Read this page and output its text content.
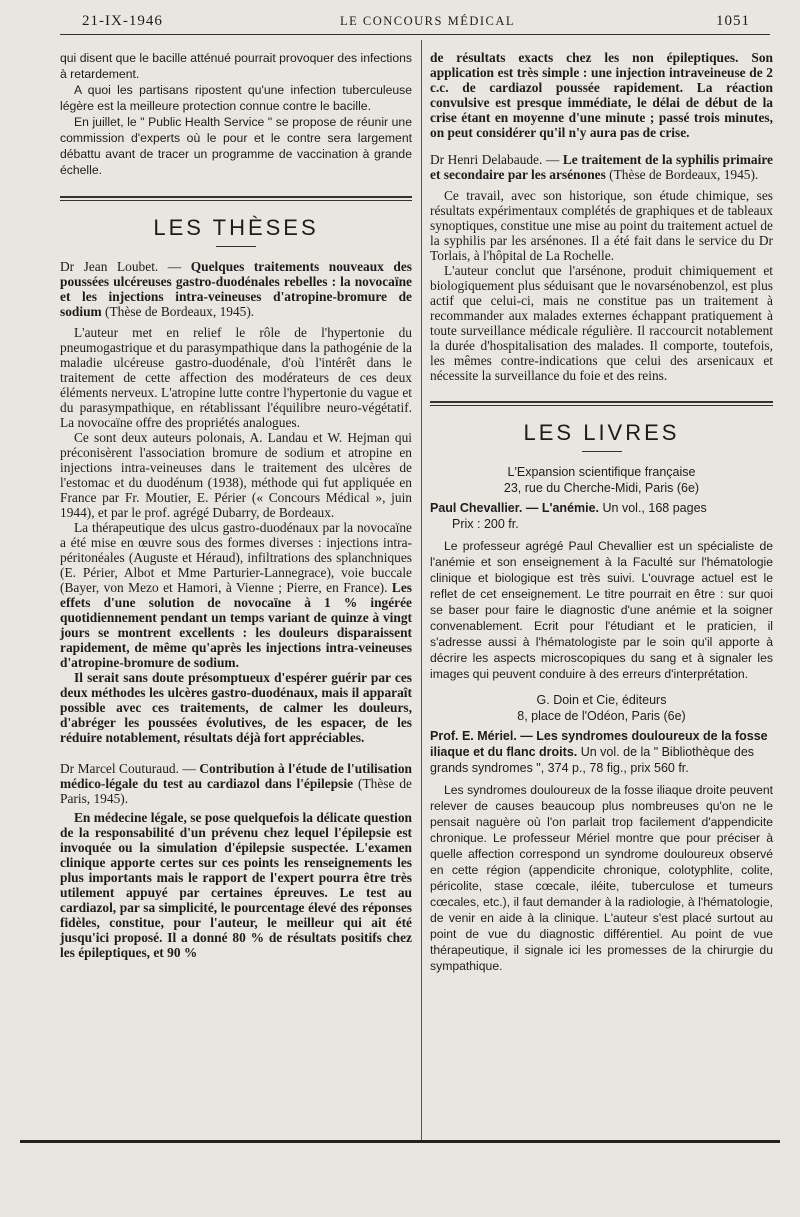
21-IX-1946	LE CONCOURS MÉDICAL	1051

qui disent que le bacille atténué pourrait provoquer des infections à retardement.

A quoi les partisans ripostent qu'une infection tuberculeuse légère est la meilleure protection connue contre le bacille.

En juillet, le " Public Health Service " se propose de réunir une commission d'experts où le pour et le contre sera largement débattu avant de tracer un programme de vaccination à grande échelle.

LES THÈSES

Dr Jean Loubet. — Quelques traitements nouveaux des poussées ulcéreuses gastro-duodénales rebelles : la novocaïne et les injections intra-veineuses d'atropine-bromure de sodium (Thèse de Bordeaux, 1945).

L'auteur met en relief le rôle de l'hypertonie du pneumogastrique et du parasympathique dans la pathogénie de la maladie ulcéreuse gastro-duodénale, d'où l'intérêt dans le traitement de cette affection des modérateurs de ces deux éléments nerveux. L'atropine lutte contre l'hypertonie du vague et du parasympathique, en rétablissant l'équilibre neuro-végétatif. La novocaïne offre des propriétés analogues.

Ce sont deux auteurs polonais, A. Landau et W. Hejman qui préconisèrent l'association bromure de sodium et atropine en injections intra-veineuses dans le traitement des ulcères de l'estomac et du duodénum (1938), méthode qui fut appliquée en France par Fr. Moutier, E. Périer (« Concours Médical », juin 1944), et par le prof. agrégé Dubarry, de Bordeaux.

La thérapeutique des ulcus gastro-duodénaux par la novocaïne a été mise en œuvre sous des formes diverses : injections intra-péritonéales (Auguste et Héraud), infiltrations des splanchniques (E. Périer, Albot et Mme Parturier-Lannegrace), voie buccale (Bayer, von Mezo et Hamori, à Vienne ; Pierre, en France). Les effets d'une solution de novocaïne à 1 % ingérée quotidiennement pendant un temps variant de quinze à vingt jours se montrent excellents : les douleurs disparaissent rapidement, de même qu'après les injections intra-veineuses d'atropine-bromure de sodium.

Il serait sans doute présomptueux d'espérer guérir par ces deux méthodes les ulcères gastro-duodénaux, mais il apparaît possible avec ces traitements, de calmer les douleurs, d'abréger les poussées évolutives, de les espacer, de les réduire notablement, résultats déjà fort appréciables.

Dr Marcel Couturaud. — Contribution à l'étude de l'utilisation médico-légale du test au cardiazol dans l'épilepsie (Thèse de Paris, 1945).

En médecine légale, se pose quelquefois la délicate question de la responsabilité d'un prévenu chez lequel l'épilepsie est invoquée ou la simulation d'épilepsie suspectée. L'examen clinique apporte certes sur ces points les renseignements les plus importants mais le rapport de l'expert pourra être très utilement appuyé par certaines épreuves. Le test au cardiazol, par sa simplicité, le pourcentage élevé des réponses fidèles, constitue, pour l'auteur, le meilleur qui ait été jusqu'ici proposé. Il a donné 80 % de résultats positifs chez les épileptiques, et 90 %

de résultats exacts chez les non épileptiques. Son application est très simple : une injection intraveineuse de 2 c.c. de cardiazol poussée rapidement. La réaction convulsive est presque immédiate, le délai de début de la crise étant en moyenne d'une minute ; passé trois minutes, on peut considérer qu'il n'y aura pas de crise.

Dr Henri Delabaude. — Le traitement de la syphilis primaire et secondaire par les arsénones (Thèse de Bordeaux, 1945).

Ce travail, avec son historique, son étude chimique, ses résultats expérimentaux complétés de graphiques et de tableaux synoptiques, constitue une mise au point du traitement actuel de la syphilis par les arsénones. Il a été fait dans le service du Dr Torlais, à l'hôpital de La Rochelle.

L'auteur conclut que l'arsénone, produit chimiquement et biologiquement plus séduisant que le novarsénobenzol, est plus actif que celui-ci, mais ne constitue pas un traitement à recommander aux malades externes échappant pratiquement à toute surveillance médicale régulière. Il raccourcit notablement la durée d'hospitalisation des malades. Il comporte, toutefois, les mêmes contre-indications que celui des arsenicaux et nécessite la surveillance du foie et des reins.

LES LIVRES
L'Expansion scientifique française
23, rue du Cherche-Midi, Paris (6e)
Paul Chevallier. — L'anémie. Un vol., 168 pages
Prix : 200 fr.

Le professeur agrégé Paul Chevallier est un spécialiste de l'anémie et son enseignement à la Faculté sur l'hématologie clinique et biologique est très suivi. L'ouvrage actuel est le reflet de cet enseignement. Le titre pourrait en être : sur quoi se baser pour faire le diagnostic d'une anémie et la soigner convenablement. Ecrit pour l'étudiant et le praticien, il s'adresse aussi à l'hématologiste par le soin qu'il apporte à décrire les aspects microscopiques du sang et à signaler les images qui peuvent conduire à des erreurs d'interprétation.

G. Doin et Cie, éditeurs
8, place de l'Odéon, Paris (6e)
Prof. E. Mériel. — Les syndromes douloureux de la fosse iliaque et du flanc droits. Un vol. de la " Bibliothèque des grands syndromes ", 374 p., 78 fig., prix 560 fr.

Les syndromes douloureux de la fosse iliaque droite peuvent relever de causes beaucoup plus nombreuses qu'on ne le pensait naguère où l'on parlait trop facilement d'appendicite chronique. Le professeur Mériel montre que pour préciser à quelle affection correspond un syndrome douloureux observé en cette région (appendicite chronique, colotyphlite, colite, péricolite, stase cœcale, iléite, tuberculose et tumeurs cœcales, etc.), il faut demander à la radiologie, à l'hématologie, de venir en aide à la clinique. L'auteur s'est placé surtout au point de vue du diagnostic différentiel. Au point de vue thérapeutique, il signale ici les promesses de la chirurgie du sympathique.
